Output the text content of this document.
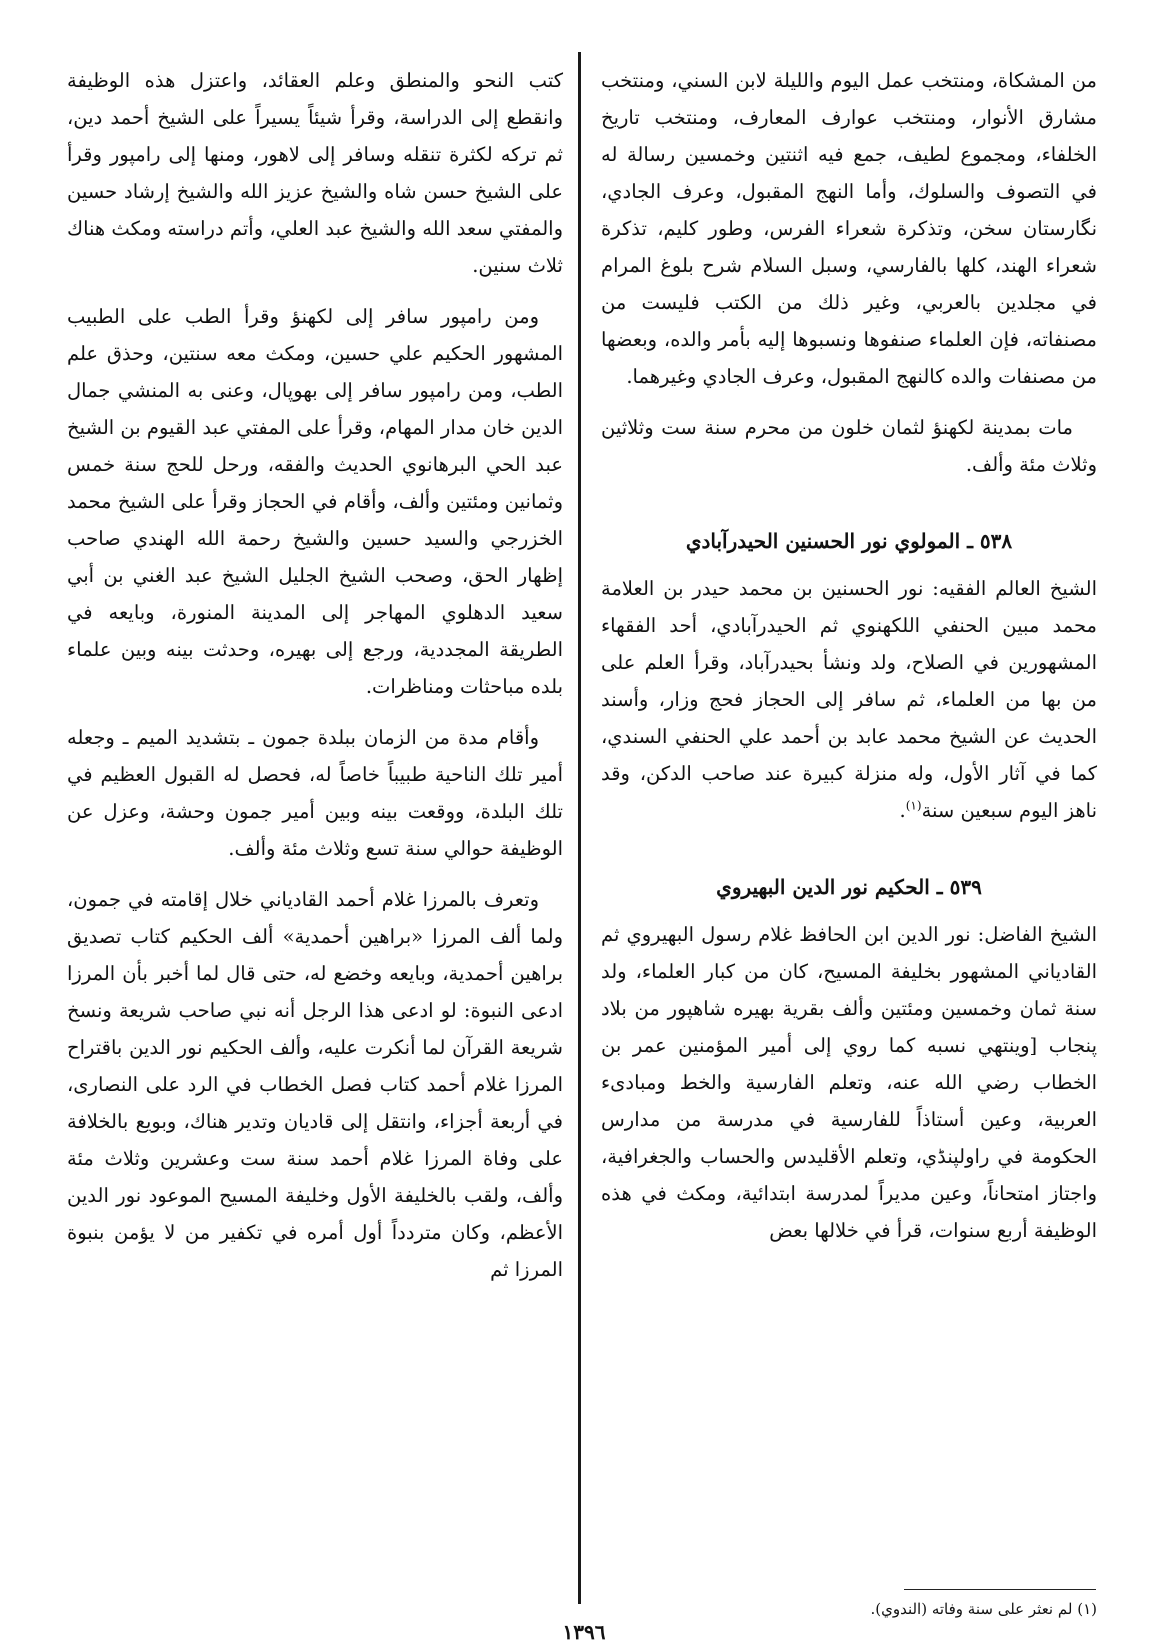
من المشكاة، ومنتخب عمل اليوم والليلة لابن السني، ومنتخب مشارق الأنوار، ومنتخب عوارف المعارف، ومنتخب تاريخ الخلفاء، ومجموع لطيف، جمع فيه اثنتين وخمسين رسالة له في التصوف والسلوك، وأما النهج المقبول، وعرف الجادي، نگارستان سخن، وتذكرة شعراء الفرس، وطور كليم، تذكرة شعراء الهند، كلها بالفارسي، وسبل السلام شرح بلوغ المرام في مجلدين بالعربي، وغير ذلك من الكتب فليست من مصنفاته، فإن العلماء صنفوها ونسبوها إليه بأمر والده، وبعضها من مصنفات والده كالنهج المقبول، وعرف الجادي وغيرهما.

مات بمدينة لكهنؤ لثمان خلون من محرم سنة ست وثلاثين وثلاث مئة وألف.

٥٣٨ ـ المولوي نور الحسنين الحيدرآبادي

الشيخ العالم الفقيه: نور الحسنين بن محمد حيدر بن العلامة محمد مبين الحنفي اللكهنوي ثم الحيدرآبادي، أحد الفقهاء المشهورين في الصلاح، ولد ونشأ بحيدرآباد، وقرأ العلم على من بها من العلماء، ثم سافر إلى الحجاز فحج وزار، وأسند الحديث عن الشيخ محمد عابد بن أحمد علي الحنفي السندي، كما في آثار الأول، وله منزلة كبيرة عند صاحب الدكن، وقد ناهز اليوم سبعين سنة$^{(١)}$.

٥٣٩ ـ الحكيم نور الدين البهيروي

الشيخ الفاضل: نور الدين ابن الحافظ غلام رسول البهيروي ثم القادياني المشهور بخليفة المسيح، كان من كبار العلماء، ولد سنة ثمان وخمسين ومئتين وألف بقرية بهيره شاهپور من بلاد پنجاب [وينتهي نسبه كما روي إلى أمير المؤمنين عمر بن الخطاب رضي الله عنه، وتعلم الفارسية والخط ومبادىء العربية، وعين أستاذاً للفارسية في مدرسة من مدارس الحكومة في راولپنڈي، وتعلم الأقليدس والحساب والجغرافية، واجتاز امتحاناً، وعين مديراً لمدرسة ابتدائية، ومكث في هذه الوظيفة أربع سنوات، قرأ في خلالها بعض

كتب النحو والمنطق وعلم العقائد، واعتزل هذه الوظيفة وانقطع إلى الدراسة، وقرأ شيئاً يسيراً على الشيخ أحمد دين، ثم تركه لكثرة تنقله وسافر إلى لاهور، ومنها إلى رامپور وقرأ على الشيخ حسن شاه والشيخ عزيز الله والشيخ إرشاد حسين والمفتي سعد الله والشيخ عبد العلي، وأتم دراسته ومكث هناك ثلاث سنين.

ومن رامپور سافر إلى لكهنؤ وقرأ الطب على الطبيب المشهور الحكيم علي حسين، ومكث معه سنتين، وحذق علم الطب، ومن رامپور سافر إلى بهوپال، وعنى به المنشي جمال الدين خان مدار المهام، وقرأ على المفتي عبد القيوم بن الشيخ عبد الحي البرهانوي الحديث والفقه، ورحل للحج سنة خمس وثمانين ومئتين وألف، وأقام في الحجاز وقرأ على الشيخ محمد الخزرجي والسيد حسين والشيخ رحمة الله الهندي صاحب إظهار الحق، وصحب الشيخ الجليل الشيخ عبد الغني بن أبي سعيد الدهلوي المهاجر إلى المدينة المنورة، وبايعه في الطريقة المجددية، ورجع إلى بهيره، وحدثت بينه وبين علماء بلده مباحثات ومناظرات.

وأقام مدة من الزمان ببلدة جمون ـ بتشديد الميم ـ وجعله أمير تلك الناحية طبيباً خاصاً له، فحصل له القبول العظيم في تلك البلدة، ووقعت بينه وبين أمير جمون وحشة، وعزل عن الوظيفة حوالي سنة تسع وثلاث مئة وألف.

وتعرف بالمرزا غلام أحمد القادياني خلال إقامته في جمون، ولما ألف المرزا «براهين أحمدية» ألف الحكيم كتاب تصديق براهين أحمدية، وبايعه وخضع له، حتى قال لما أخبر بأن المرزا ادعى النبوة: لو ادعى هذا الرجل أنه نبي صاحب شريعة ونسخ شريعة القرآن لما أنكرت عليه، وألف الحكيم نور الدين باقتراح المرزا غلام أحمد كتاب فصل الخطاب في الرد على النصارى، في أربعة أجزاء، وانتقل إلى قاديان وتدير هناك، وبويع بالخلافة على وفاة المرزا غلام أحمد سنة ست وعشرين وثلاث مئة وألف، ولقب بالخليفة الأول وخليفة المسيح الموعود نور الدين الأعظم، وكان متردداً أول أمره في تكفير من لا يؤمن بنبوة المرزا ثم

(١) لم نعثر على سنة وفاته (الندوي).
١٣٩٦
